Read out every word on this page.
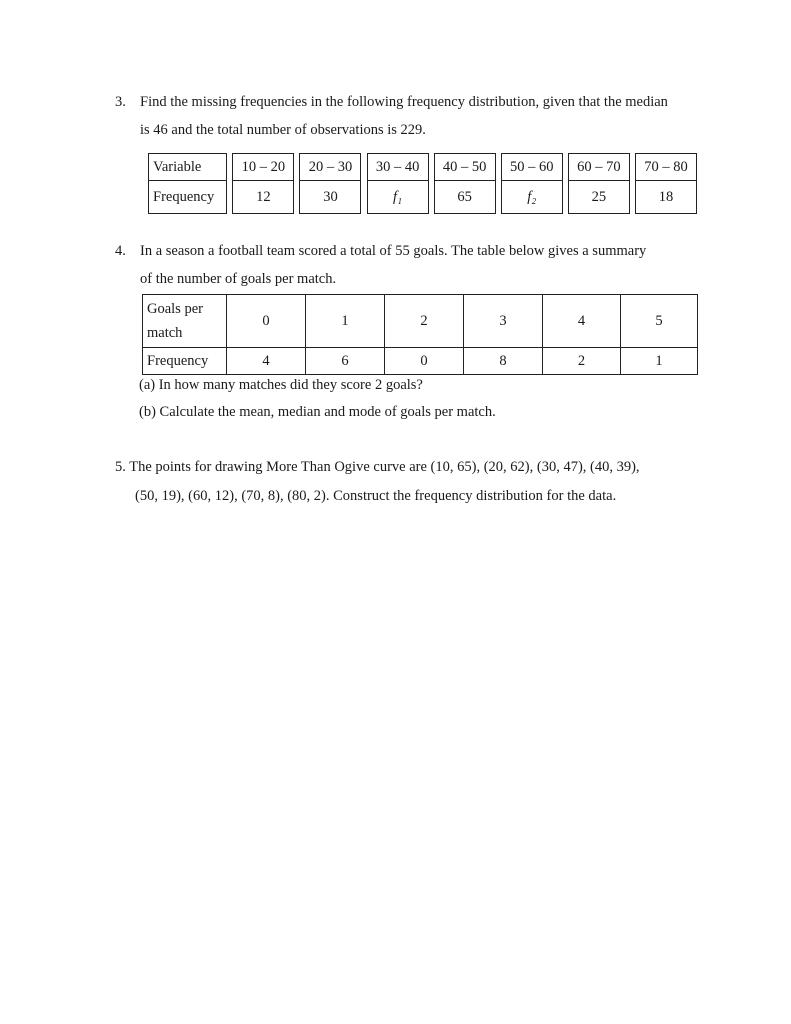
3. Find the missing frequencies in the following frequency distribution, given that the median
is 46 and the total number of observations is 229.
Variable		10 – 20		20 – 30		30 – 40		40 – 50		50 – 60		60 – 70		70 – 80
Frequency		12		30		f₁		65		f₂		25		18
4. In a season a football team scored a total of 55 goals. The table below gives a summary
of the number of goals per match.
Goals per
match	0	1	2	3	4	5
Frequency	4	6	0	8	2	1
(a) In how many matches did they score 2 goals?
(b) Calculate the mean, median and mode of goals per match.
5. The points for drawing More Than Ogive curve are (10, 65), (20, 62), (30, 47), (40, 39),
(50, 19), (60, 12), (70, 8), (80, 2). Construct the frequency distribution for the data.
